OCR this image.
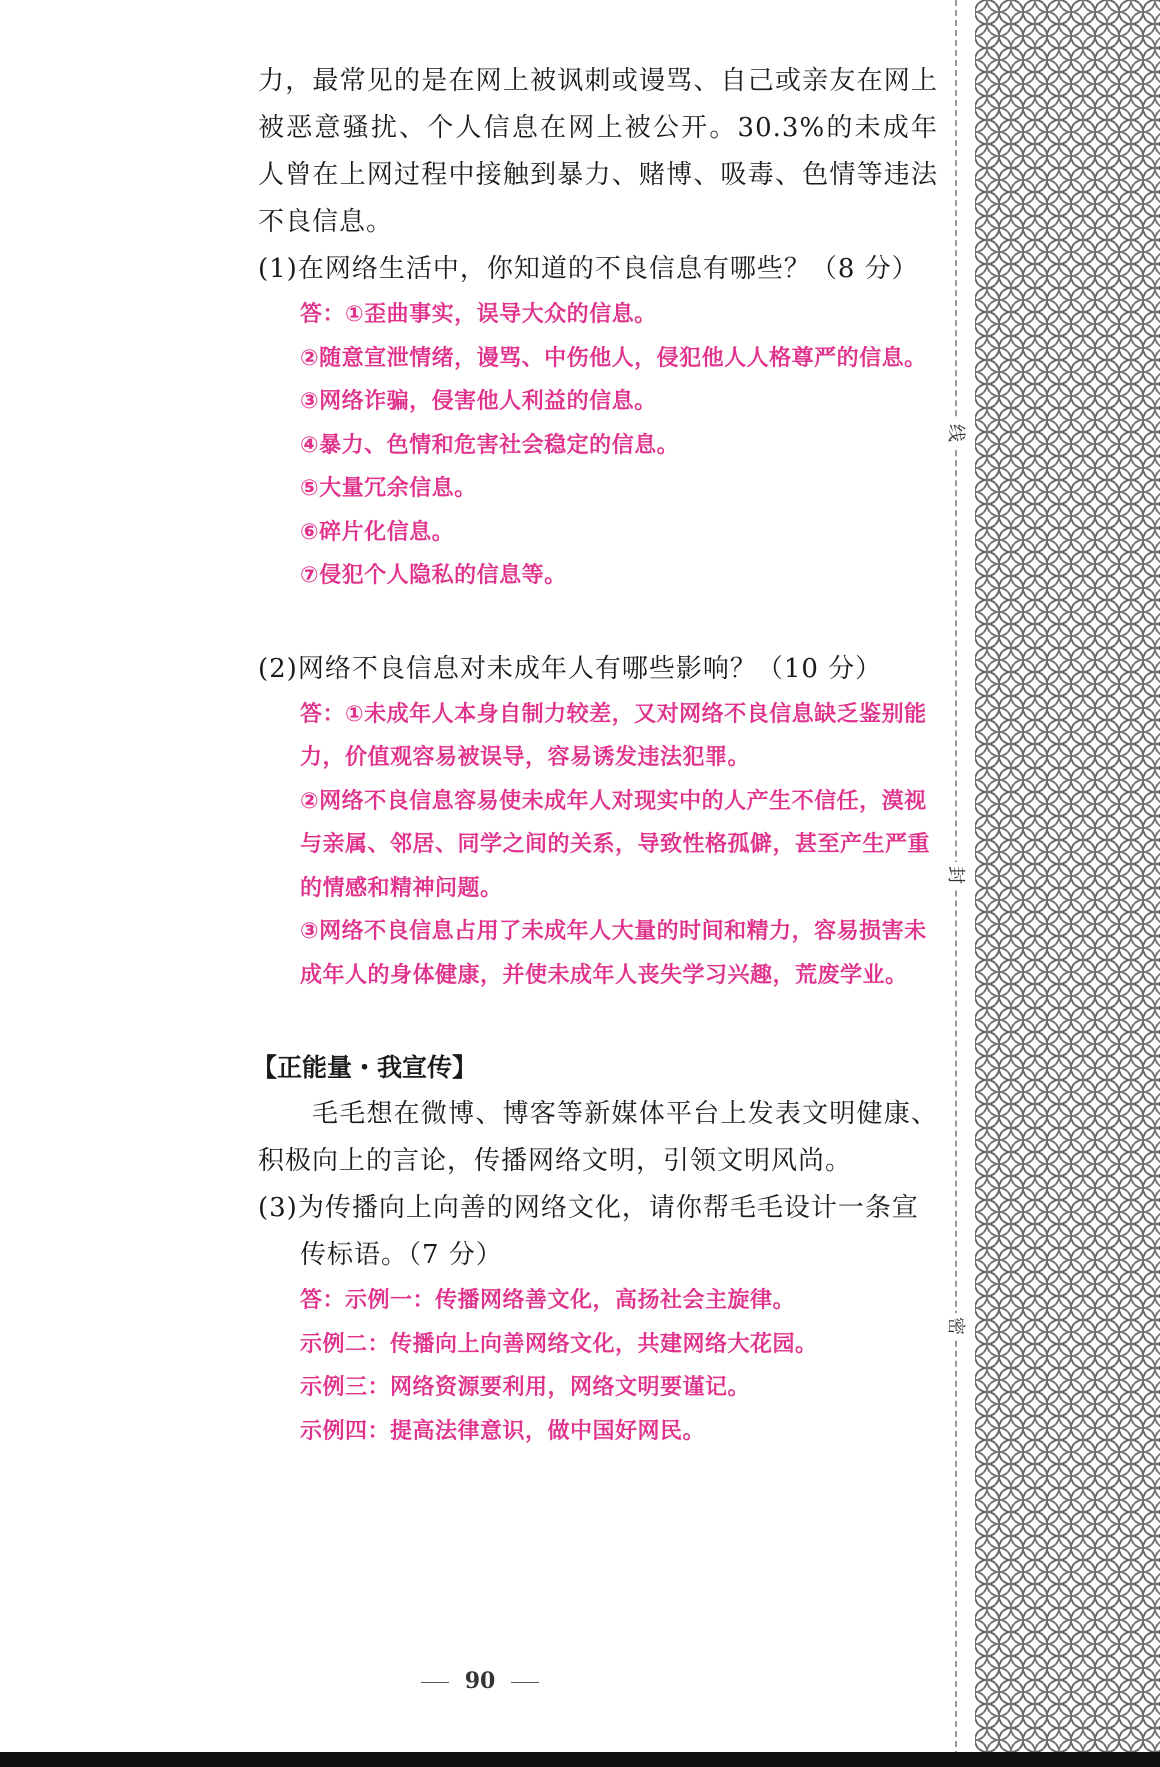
力，最常见的是在网上被讽刺或谩骂、自己或亲友在网上被恶意骚扰、个人信息在网上被公开。30.3%的未成年人曾在上网过程中接触到暴力、赌博、吸毒、色情等违法不良信息。

(1)在网络生活中，你知道的不良信息有哪些？（8 分）

答：①歪曲事实，误导大众的信息。

②随意宣泄情绪，谩骂、中伤他人，侵犯他人人格尊严的信息。

③网络诈骗，侵害他人利益的信息。

④暴力、色情和危害社会稳定的信息。

⑤大量冗余信息。

⑥碎片化信息。

⑦侵犯个人隐私的信息等。

(2)网络不良信息对未成年人有哪些影响？（10 分）

答：①未成年人本身自制力较差，又对网络不良信息缺乏鉴别能力，价值观容易被误导，容易诱发违法犯罪。

②网络不良信息容易使未成年人对现实中的人产生不信任，漠视与亲属、邻居、同学之间的关系，导致性格孤僻，甚至产生严重的情感和精神问题。

③网络不良信息占用了未成年人大量的时间和精力，容易损害未成年人的身体健康，并使未成年人丧失学习兴趣，荒废学业。

【正能量・我宣传】

毛毛想在微博、博客等新媒体平台上发表文明健康、积极向上的言论，传播网络文明，引领文明风尚。

(3)为传播向上向善的网络文化，请你帮毛毛设计一条宣

传标语。（7 分）

答：示例一：传播网络善文化，高扬社会主旋律。

示例二：传播向上向善网络文化，共建网络大花园。

示例三：网络资源要利用，网络文明要谨记。

示例四：提高法律意识，做中国好网民。

线
封
密
90
